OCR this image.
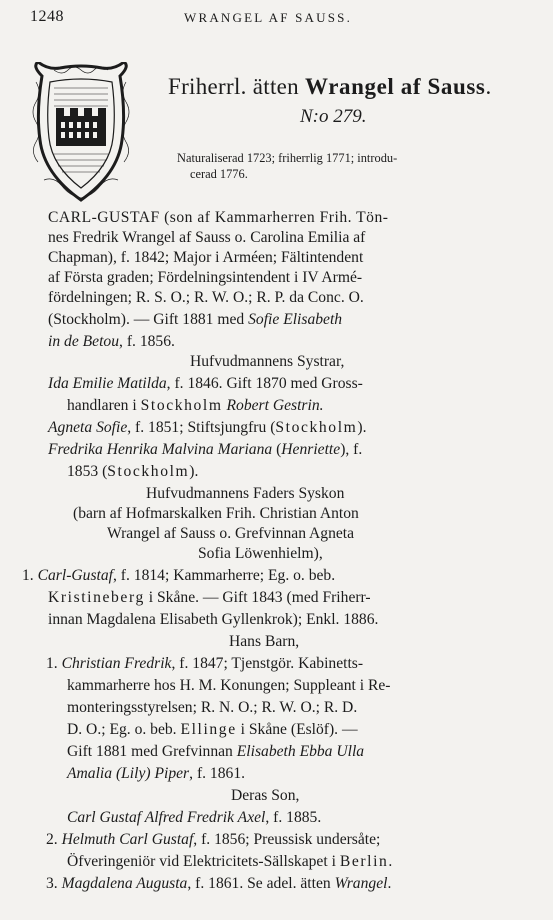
1248	WRANGEL AF SAUSS.
Friherrl. ätten Wrangel af Sauss.
N:o 279.
Naturaliserad 1723; friherrlig 1771; introdu-
cerad 1776.
CARL-GUSTAF (son af Kammarherren Frih. Tön-
nes Fredrik Wrangel af Sauss o. Carolina Emilia af
Chapman), f. 1842; Major i Arméen; Fältintendent
af Första graden; Fördelningsintendent i IV Armé-
fördelningen; R. S. O.; R. W. O.; R. P. da Conc. O.
(Stockholm). — Gift 1881 med Sofie Elisabeth
in de Betou, f. 1856.
Hufvudmannens Systrar,
Ida Emilie Matilda, f. 1846. Gift 1870 med Gross-
handlaren i Stockholm Robert Gestrin.
Agneta Sofie, f. 1851; Stiftsjungfru (Stockholm).
Fredrika Henrika Malvina Mariana (Henriette), f.
1853 (Stockholm).
Hufvudmannens Faders Syskon
(barn af Hofmarskalken Frih. Christian Anton
Wrangel af Sauss o. Grefvinnan Agneta
Sofia Löwenhielm),
1. Carl-Gustaf, f. 1814; Kammarherre; Eg. o. beb.
Kristineberg i Skåne. — Gift 1843 (med Friherr-
innan Magdalena Elisabeth Gyllenkrok); Enkl. 1886.
Hans Barn,
1. Christian Fredrik, f. 1847; Tjenstgör. Kabinetts-
kammarherre hos H. M. Konungen; Suppleant i Re-
monteringsstyrelsen; R. N. O.; R. W. O.; R. D.
D. O.; Eg. o. beb. Ellinge i Skåne (Eslöf). —
Gift 1881 med Grefvinnan Elisabeth Ebba Ulla
Amalia (Lily) Piper, f. 1861.
Deras Son,
Carl Gustaf Alfred Fredrik Axel, f. 1885.
2. Helmuth Carl Gustaf, f. 1856; Preussisk undersåte;
Öfveringeniör vid Elektricitets-Sällskapet i Berlin.
3. Magdalena Augusta, f. 1861. Se adel. ätten Wrangel.
